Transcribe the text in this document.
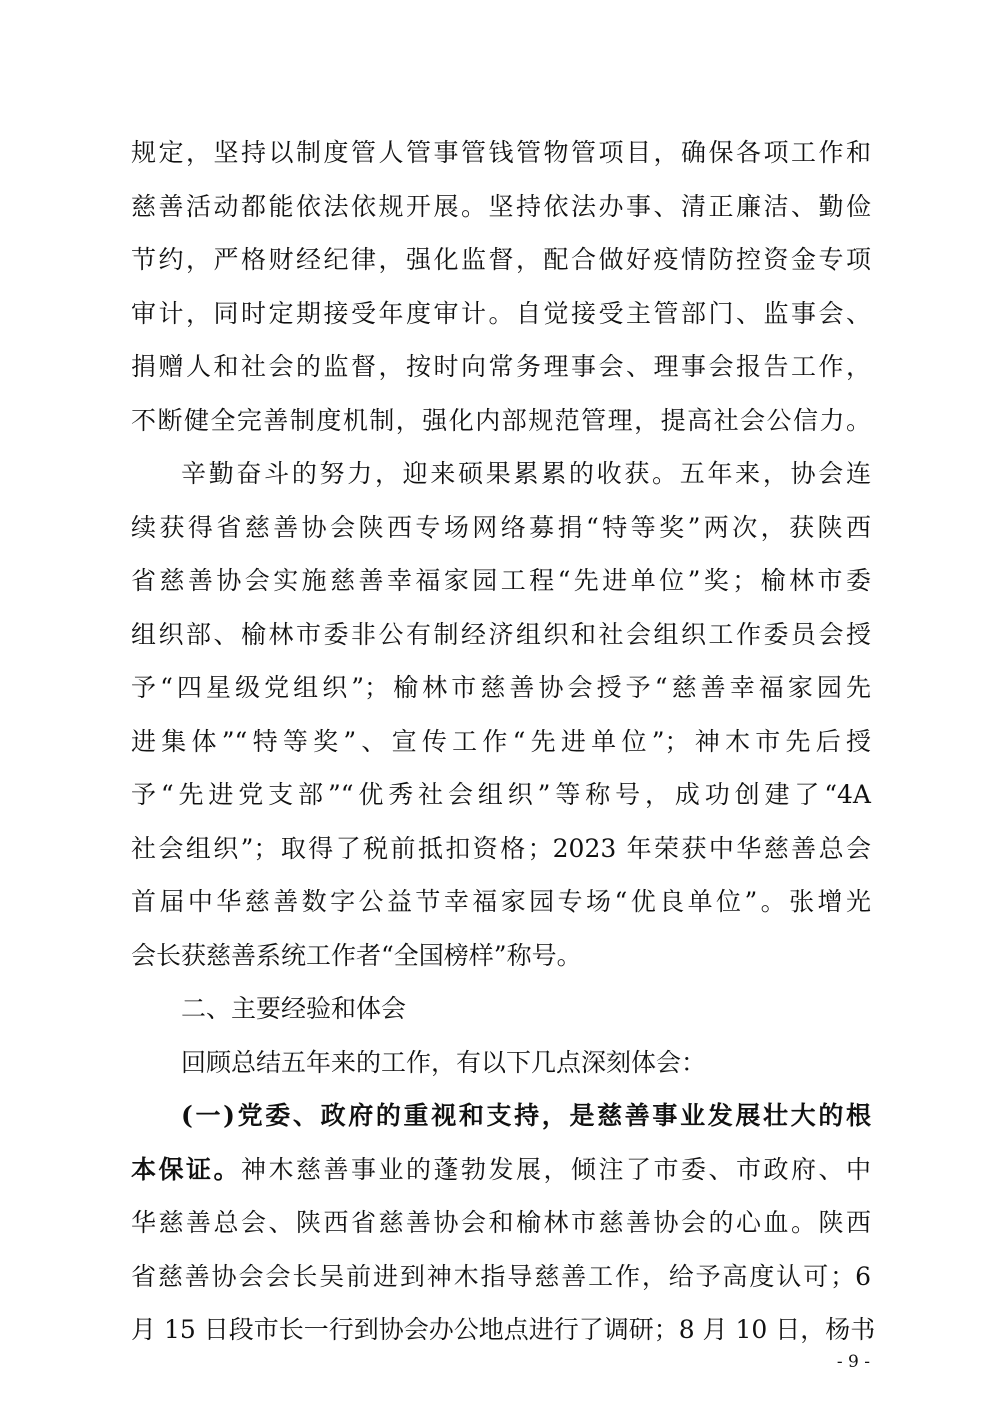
规定，坚持以制度管人管事管钱管物管项目，确保各项工作和
慈善活动都能依法依规开展。坚持依法办事、清正廉洁、勤俭
节约，严格财经纪律，强化监督，配合做好疫情防控资金专项
审计，同时定期接受年度审计。自觉接受主管部门、监事会、
捐赠人和社会的监督，按时向常务理事会、理事会报告工作，
不断健全完善制度机制，强化内部规范管理，提高社会公信力。
辛勤奋斗的努力，迎来硕果累累的收获。五年来，协会连
续获得省慈善协会陕西专场网络募捐“特等奖”两次，获陕西
省慈善协会实施慈善幸福家园工程“先进单位”奖；榆林市委
组织部、榆林市委非公有制经济组织和社会组织工作委员会授
予“四星级党组织”；榆林市慈善协会授予“慈善幸福家园先
进集体”“特等奖”、宣传工作“先进单位”；神木市先后授
予“先进党支部”“优秀社会组织”等称号，成功创建了“4A
社会组织”；取得了税前抵扣资格；2023 年荣获中华慈善总会
首届中华慈善数字公益节幸福家园专场“优良单位”。张增光
会长获慈善系统工作者“全国榜样”称号。
二、主要经验和体会
回顾总结五年来的工作，有以下几点深刻体会：
(一)党委、政府的重视和支持，是慈善事业发展壮大的根
本保证。神木慈善事业的蓬勃发展，倾注了市委、市政府、中
华慈善总会、陕西省慈善协会和榆林市慈善协会的心血。陕西
省慈善协会会长吴前进到神木指导慈善工作，给予高度认可；6
- 9 -
月 15 日段市长一行到协会办公地点进行了调研；8 月 10 日，杨书
